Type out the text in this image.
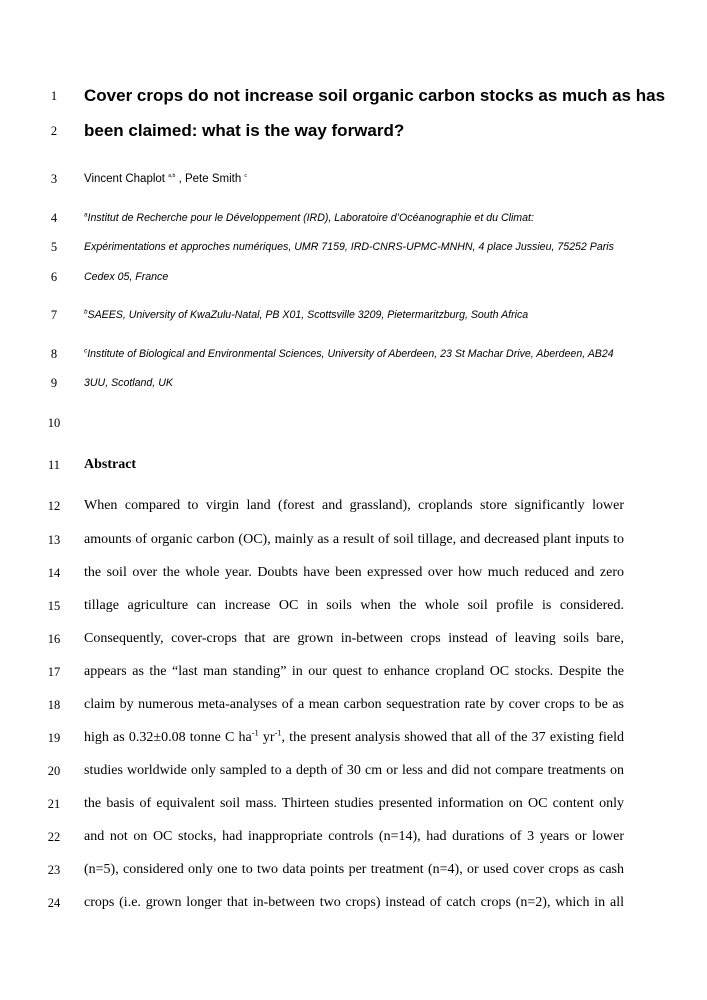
1	Cover crops do not increase soil organic carbon stocks as much as has
2	been claimed: what is the way forward?
3	Vincent Chaplot $^{a,b}$ , Pete Smith $^c$
4	$^a$Institut de Recherche pour le Développement (IRD), Laboratoire d’Océanographie et du Climat:
5	Expérimentations et approches numériques, UMR 7159, IRD-CNRS-UPMC-MNHN, 4 place Jussieu, 75252 Paris
6	Cedex 05, France
7	$^b$SAEES, University of KwaZulu-Natal, PB X01, Scottsville 3209, Pietermaritzburg, South Africa
8	$^c$Institute of Biological and Environmental Sciences, University of Aberdeen, 23 St Machar Drive, Aberdeen, AB24
9	3UU, Scotland, UK
10
11	Abstract
12	When compared to virgin land (forest and grassland), croplands store significantly lower
13	amounts of organic carbon (OC), mainly as a result of soil tillage, and decreased plant inputs to
14	the soil over the whole year. Doubts have been expressed over how much reduced and zero
15	tillage agriculture can increase OC in soils when the whole soil profile is considered.
16	Consequently, cover-crops that are grown in-between crops instead of leaving soils bare,
17	appears as the “last man standing” in our quest to enhance cropland OC stocks. Despite the
18	claim by numerous meta-analyses of a mean carbon sequestration rate by cover crops to be as
19	high as 0.32±0.08 tonne C $ha^{-1}$ $yr^{-1}$, the present analysis showed that all of the 37 existing field
20	studies worldwide only sampled to a depth of 30 cm or less and did not compare treatments on
21	the basis of equivalent soil mass. Thirteen studies presented information on OC content only
22	and not on OC stocks, had inappropriate controls (n=14), had durations of 3 years or lower
23	(n=5), considered only one to two data points per treatment (n=4), or used cover crops as cash
24	crops (i.e. grown longer that in-between two crops) instead of catch crops (n=2), which in all
